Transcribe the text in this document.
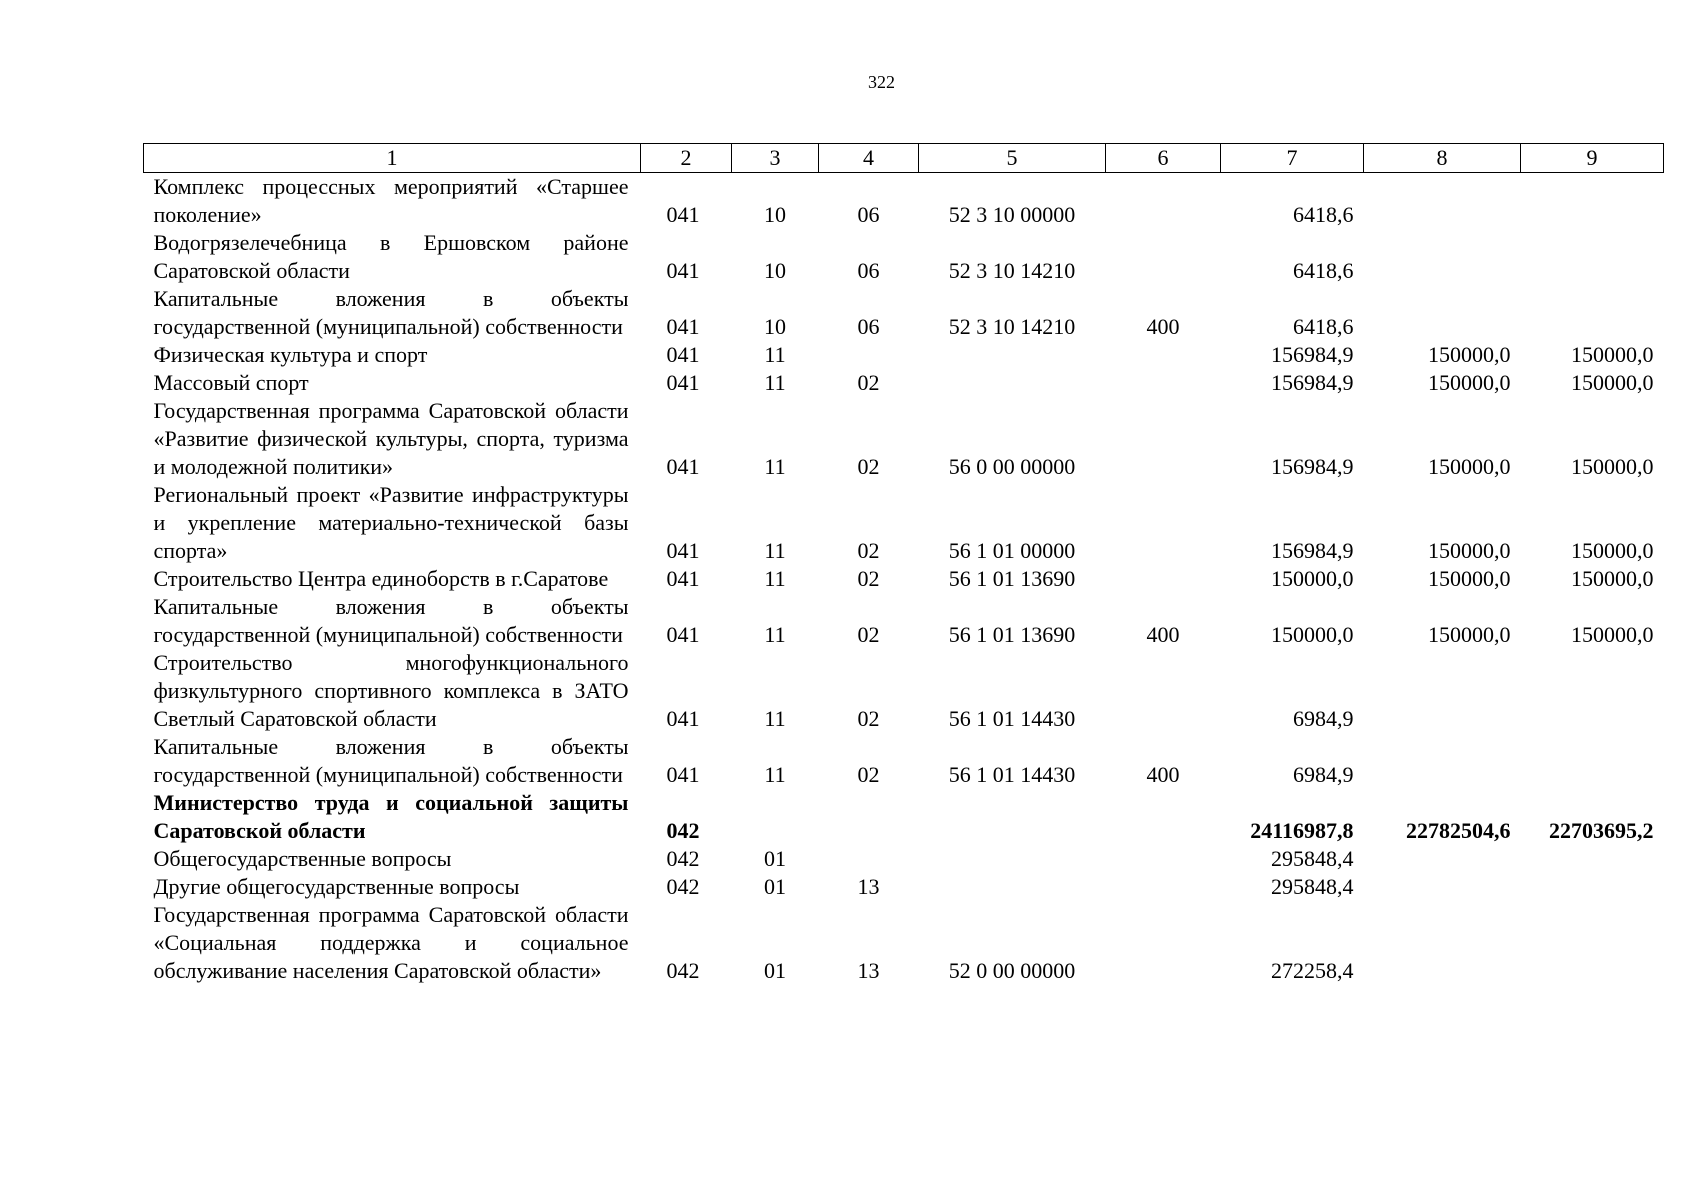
322
1	2	3	4	5	6	7	8	9
Комплекс процессных мероприятий «Старшее поколение»	041	10	06	52 3 10 00000		6418,6		
Водогрязелечебница в Ершовском районе Саратовской области	041	10	06	52 3 10 14210		6418,6		
Капитальные вложения в объекты государственной (муниципальной) собственности	041	10	06	52 3 10 14210	400	6418,6		
Физическая культура и спорт	041	11				156984,9	150000,0	150000,0
Массовый спорт	041	11	02			156984,9	150000,0	150000,0
Государственная программа Саратовской области «Развитие физической культуры, спорта, туризма и молодежной политики»	041	11	02	56 0 00 00000		156984,9	150000,0	150000,0
Региональный проект «Развитие инфраструктуры и укрепление материально-технической базы спорта»	041	11	02	56 1 01 00000		156984,9	150000,0	150000,0
Строительство Центра единоборств в г.Саратове	041	11	02	56 1 01 13690		150000,0	150000,0	150000,0
Капитальные вложения в объекты государственной (муниципальной) собственности	041	11	02	56 1 01 13690	400	150000,0	150000,0	150000,0
Строительство многофункционального физкультурного спортивного комплекса в ЗАТО Светлый Саратовской области	041	11	02	56 1 01 14430		6984,9		
Капитальные вложения в объекты государственной (муниципальной) собственности	041	11	02	56 1 01 14430	400	6984,9		
Министерство труда и социальной защиты Саратовской области	042					24116987,8	22782504,6	22703695,2
Общегосударственные вопросы	042	01				295848,4		
Другие общегосударственные вопросы	042	01	13			295848,4		
Государственная программа Саратовской области «Социальная поддержка и социальное обслуживание населения Саратовской области»	042	01	13	52 0 00 00000		272258,4		
